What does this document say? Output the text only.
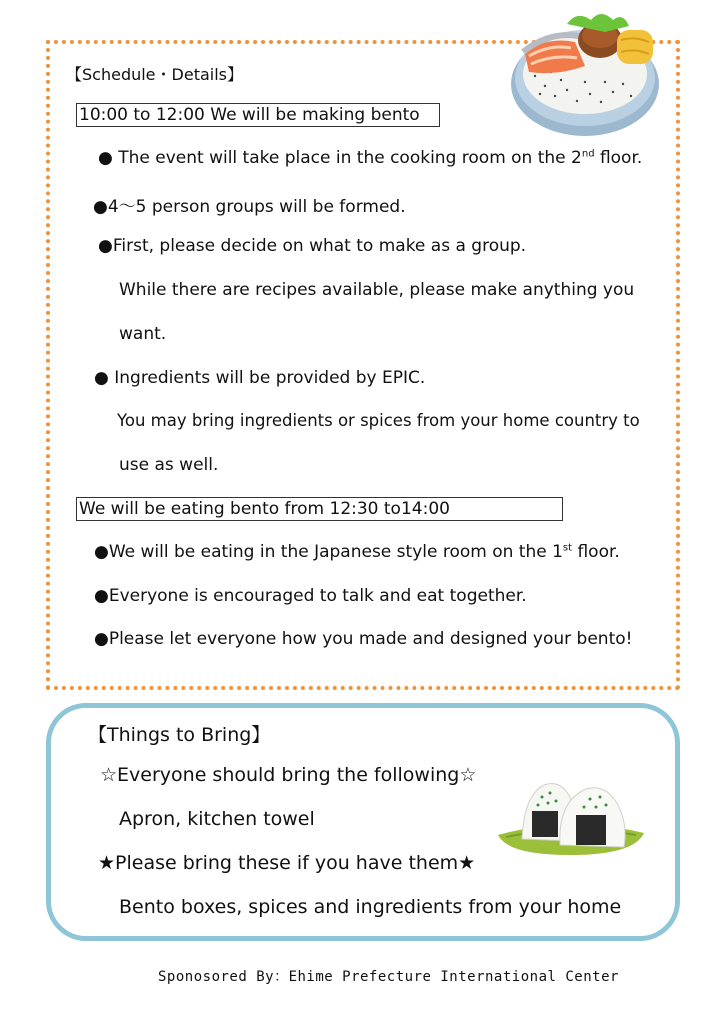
【Schedule・Details】
10:00 to 12:00 We will be making bento
● The event will take place in the cooking room on the 2nd floor.
●4～5 person groups will be formed.
●First, please decide on what to make as a group.
While there are recipes available, please make anything you
want.
● Ingredients will be provided by EPIC.
You may bring ingredients or spices from your home country to
use as well.
We will be eating bento from 12:30 to14:00
●We will be eating in the Japanese style room on the 1st floor.
●Everyone is encouraged to talk and eat together.
●Please let everyone how you made and designed your bento!
【Things to Bring】
☆Everyone should bring the following☆
Apron, kitchen towel
★Please bring these if you have them★
Bento boxes, spices and ingredients from your home
Sponosored By：Ehime Prefecture International Center
